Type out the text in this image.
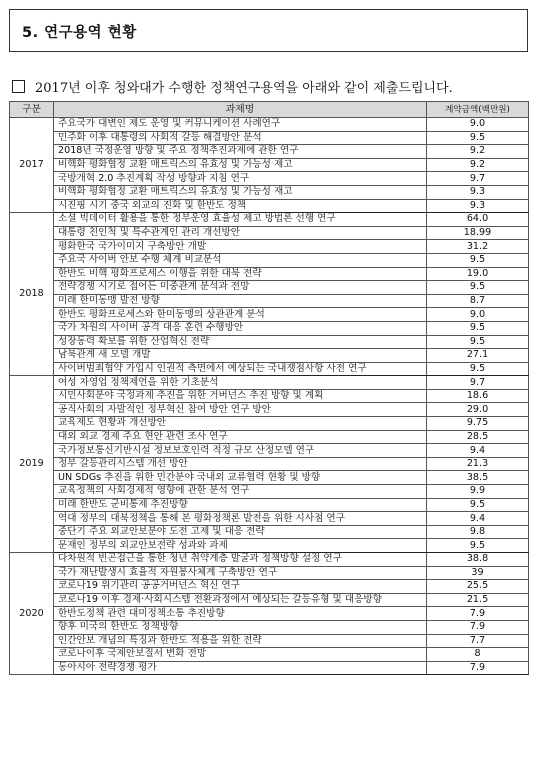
5. 연구용역 현황
2017년 이후 청와대가 수행한 정책연구용역을 아래와 같이 제출드립니다.
구분	과제명	계약금액(백만원)
2017	주요국가 대변인 제도 운영 및 커뮤니케이션 사례연구	9.0
	민주화 이후 대통령의 사회적 갈등 해결방안 분석	9.5
	2018년 국정운영 방향 및 주요 정책추진과제에 관한 연구	9.2
	비핵화 평화협정 교환 매트릭스의 유효성 및 가능성 제고	9.2
	국방개혁 2.0 추진계획 작성 방향과 지침 연구	9.7
	비핵화 평화협정 교환 매트릭스의 유효성 및 가능성 재고	9.3
	시진핑 시기 중국 외교의 진화 및 한반도 정책	9.3
2018	소셜 빅데이터 활용을 통한 정부운영 효율성 제고 방법론 선행 연구	64.0
	대통령 친인척 및 특수관계인 관리 개선방안	18.99
	평화한국 국가이미지 구축방안 개발	31.2
	주요국 사이버 안보 수행 체계 비교분석	9.5
	한반도 비핵 평화프로세스 이행을 위한 대북 전략	19.0
	전략경쟁 시기로 접어든 미중관계 분석과 전망	9.5
	미래 한미동맹 발전 방향	8.7
	한반도 평화프로세스와 한미동맹의 상관관계 분석	9.0
	국가 차원의 사이버 공격 대응 훈련 수행방안	9.5
	성장동력 확보를 위한 산업혁신 전략	9.5
	남북관계 새 모델 개발	27.1
	사이버범죄협약 가입시 인권적 측면에서 예상되는 국내쟁점사항 사전 연구	9.5
2019	여성 자영업 정책제언을 위한 기초분석	9.7
	시민사회분야 국정과제 추진을 위한 거버넌스 추진 방향 및 계획	18.6
	공직사회의 자발적인 정부혁신 참여 방안 연구 방안	29.0
	교육제도 현황과 개선방안	9.75
	대외 외교 경제 주요 현안 관련 조사 연구	28.5
	국가정보통신기반시설 정보보호인력 적정 규모 산정모델 연구	9.4
	정부 갈등관리시스템 개선 방안	21.3
	UN SDGs 추진을 위한 민간분야 국내외 교류협력 현황 및 방향	38.5
	교육정책의 사회경제적 영향에 관한 분석 연구	9.9
	미래 한반도 군비통제 추진방향	9.5
	역대 정부의 대북정책을 통해 본 평화정책론 발전을 위한 시사점 연구	9.4
	중단기 주요 외교안보분야 도전 고제 및 대응 전략	9.8
	문재인 정부의 외교안보전략 성과와 과제	9.5
2020	다차원적 빈곤접근을 통한 청년 취약계층 발굴과 정책방향 설정 연구	38.8
	국가 재난발생시 효율적 자원봉사체계 구축방안 연구	39
	코로나19 위기관리 공공거버넌스 혁신 연구	25.5
	코로나19 이후 경제·사회시스템 전환과정에서 예상되는 갈등유형 및 대응방향	21.5
	한반도정책 관련 대미정책소통 추진방향	7.9
	향후 미국의 한반도 정책방향	7.9
	인간안보 개념의 특징과 한반도 적용을 위한 전략	7.7
	코로나이후 국제안보질서 변화 전망	8
	동아시아 전략경쟁 평가	7.9
